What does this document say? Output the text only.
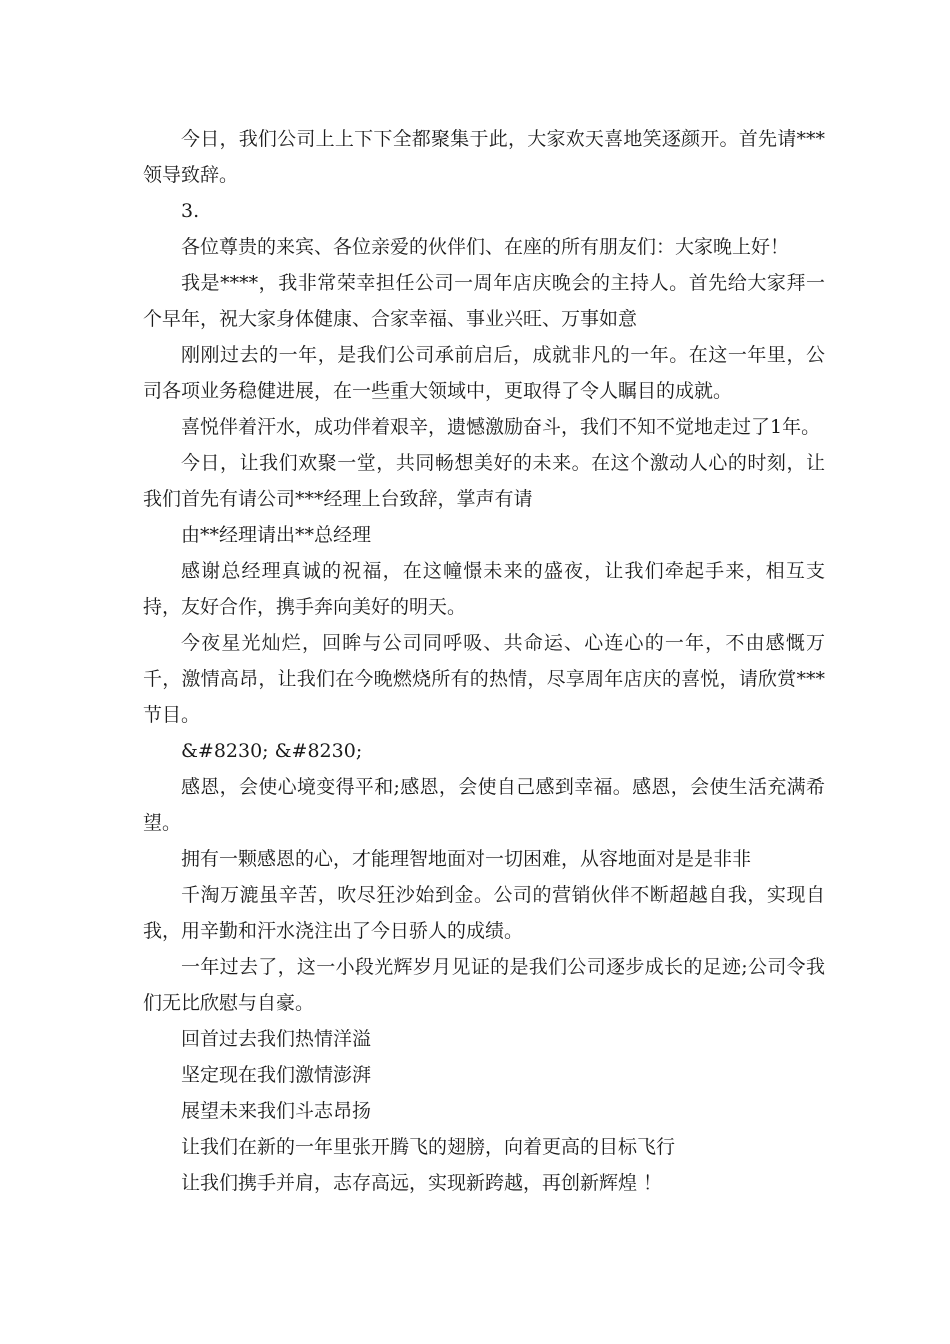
今日，我们公司上上下下全都聚集于此，大家欢天喜地笑逐颜开。首先请***领导致辞。

3.

各位尊贵的来宾、各位亲爱的伙伴们、在座的所有朋友们：大家晚上好！

我是****，我非常荣幸担任公司一周年店庆晚会的主持人。首先给大家拜一个早年，祝大家身体健康、合家幸福、事业兴旺、万事如意

刚刚过去的一年，是我们公司承前启后，成就非凡的一年。在这一年里，公司各项业务稳健进展，在一些重大领域中，更取得了令人瞩目的成就。

喜悦伴着汗水，成功伴着艰辛，遗憾激励奋斗，我们不知不觉地走过了1年。

今日，让我们欢聚一堂，共同畅想美好的未来。在这个激动人心的时刻，让我们首先有请公司***经理上台致辞，掌声有请

由**经理请出**总经理

感谢总经理真诚的祝福，在这幢憬未来的盛夜，让我们牵起手来，相互支持，友好合作，携手奔向美好的明天。

今夜星光灿烂，回眸与公司同呼吸、共命运、心连心的一年，不由感慨万千，激情高昂，让我们在今晚燃烧所有的热情，尽享周年店庆的喜悦，请欣赏***节目。

&#8230; &#8230;

感恩，会使心境变得平和;感恩，会使自己感到幸福。感恩，会使生活充满希望。

拥有一颗感恩的心，才能理智地面对一切困难，从容地面对是是非非

千淘万漉虽辛苦，吹尽狂沙始到金。公司的营销伙伴不断超越自我，实现自我，用辛勤和汗水浇注出了今日骄人的成绩。

一年过去了，这一小段光辉岁月见证的是我们公司逐步成长的足迹;公司令我们无比欣慰与自豪。

回首过去我们热情洋溢

坚定现在我们激情澎湃

展望未来我们斗志昂扬

让我们在新的一年里张开腾飞的翅膀，向着更高的目标飞行

让我们携手并肩，志存高远，实现新跨越，再创新辉煌 ！
